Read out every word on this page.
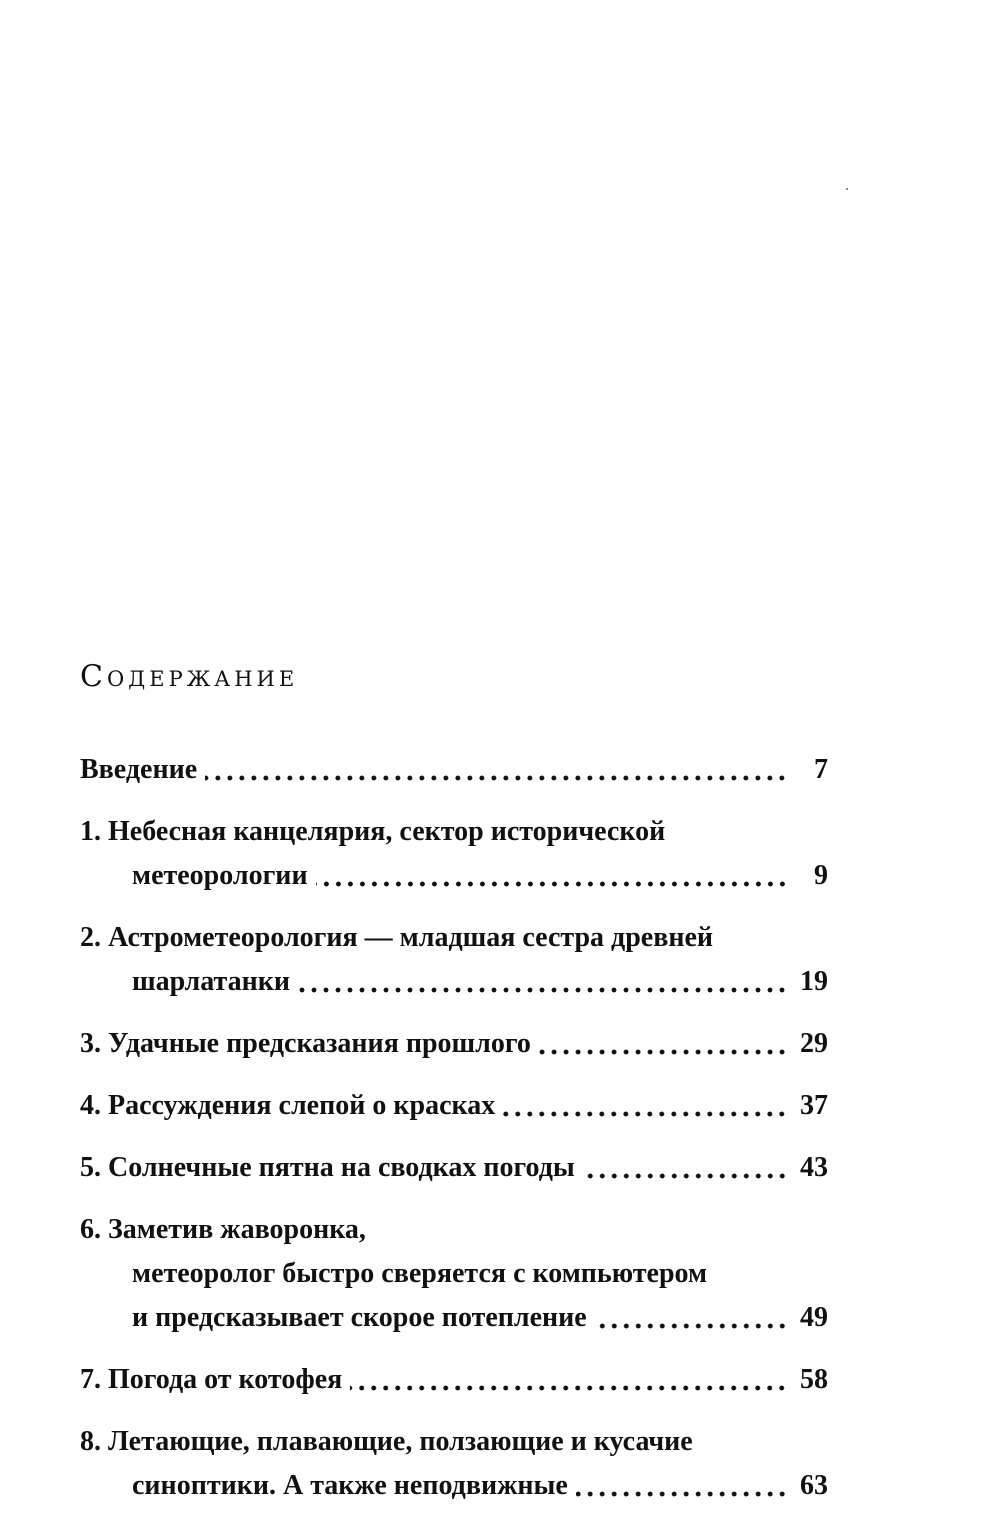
Содержание
Введение	7
1. Небесная канцелярия, сектор исторической
метеорологии	9
2. Астрометеорология — младшая сестра древней
шарлатанки	19
3. Удачные предсказания прошлого	29
4. Рассуждения слепой о красках	37
5. Солнечные пятна на сводках погоды	43
6. Заметив жаворонка,
метеоролог быстро сверяется с компьютером
и предсказывает скорое потепление	49
7. Погода от котофея	58
8. Летающие, плавающие, ползающие и кусачие
синоптики. А также неподвижные	63
